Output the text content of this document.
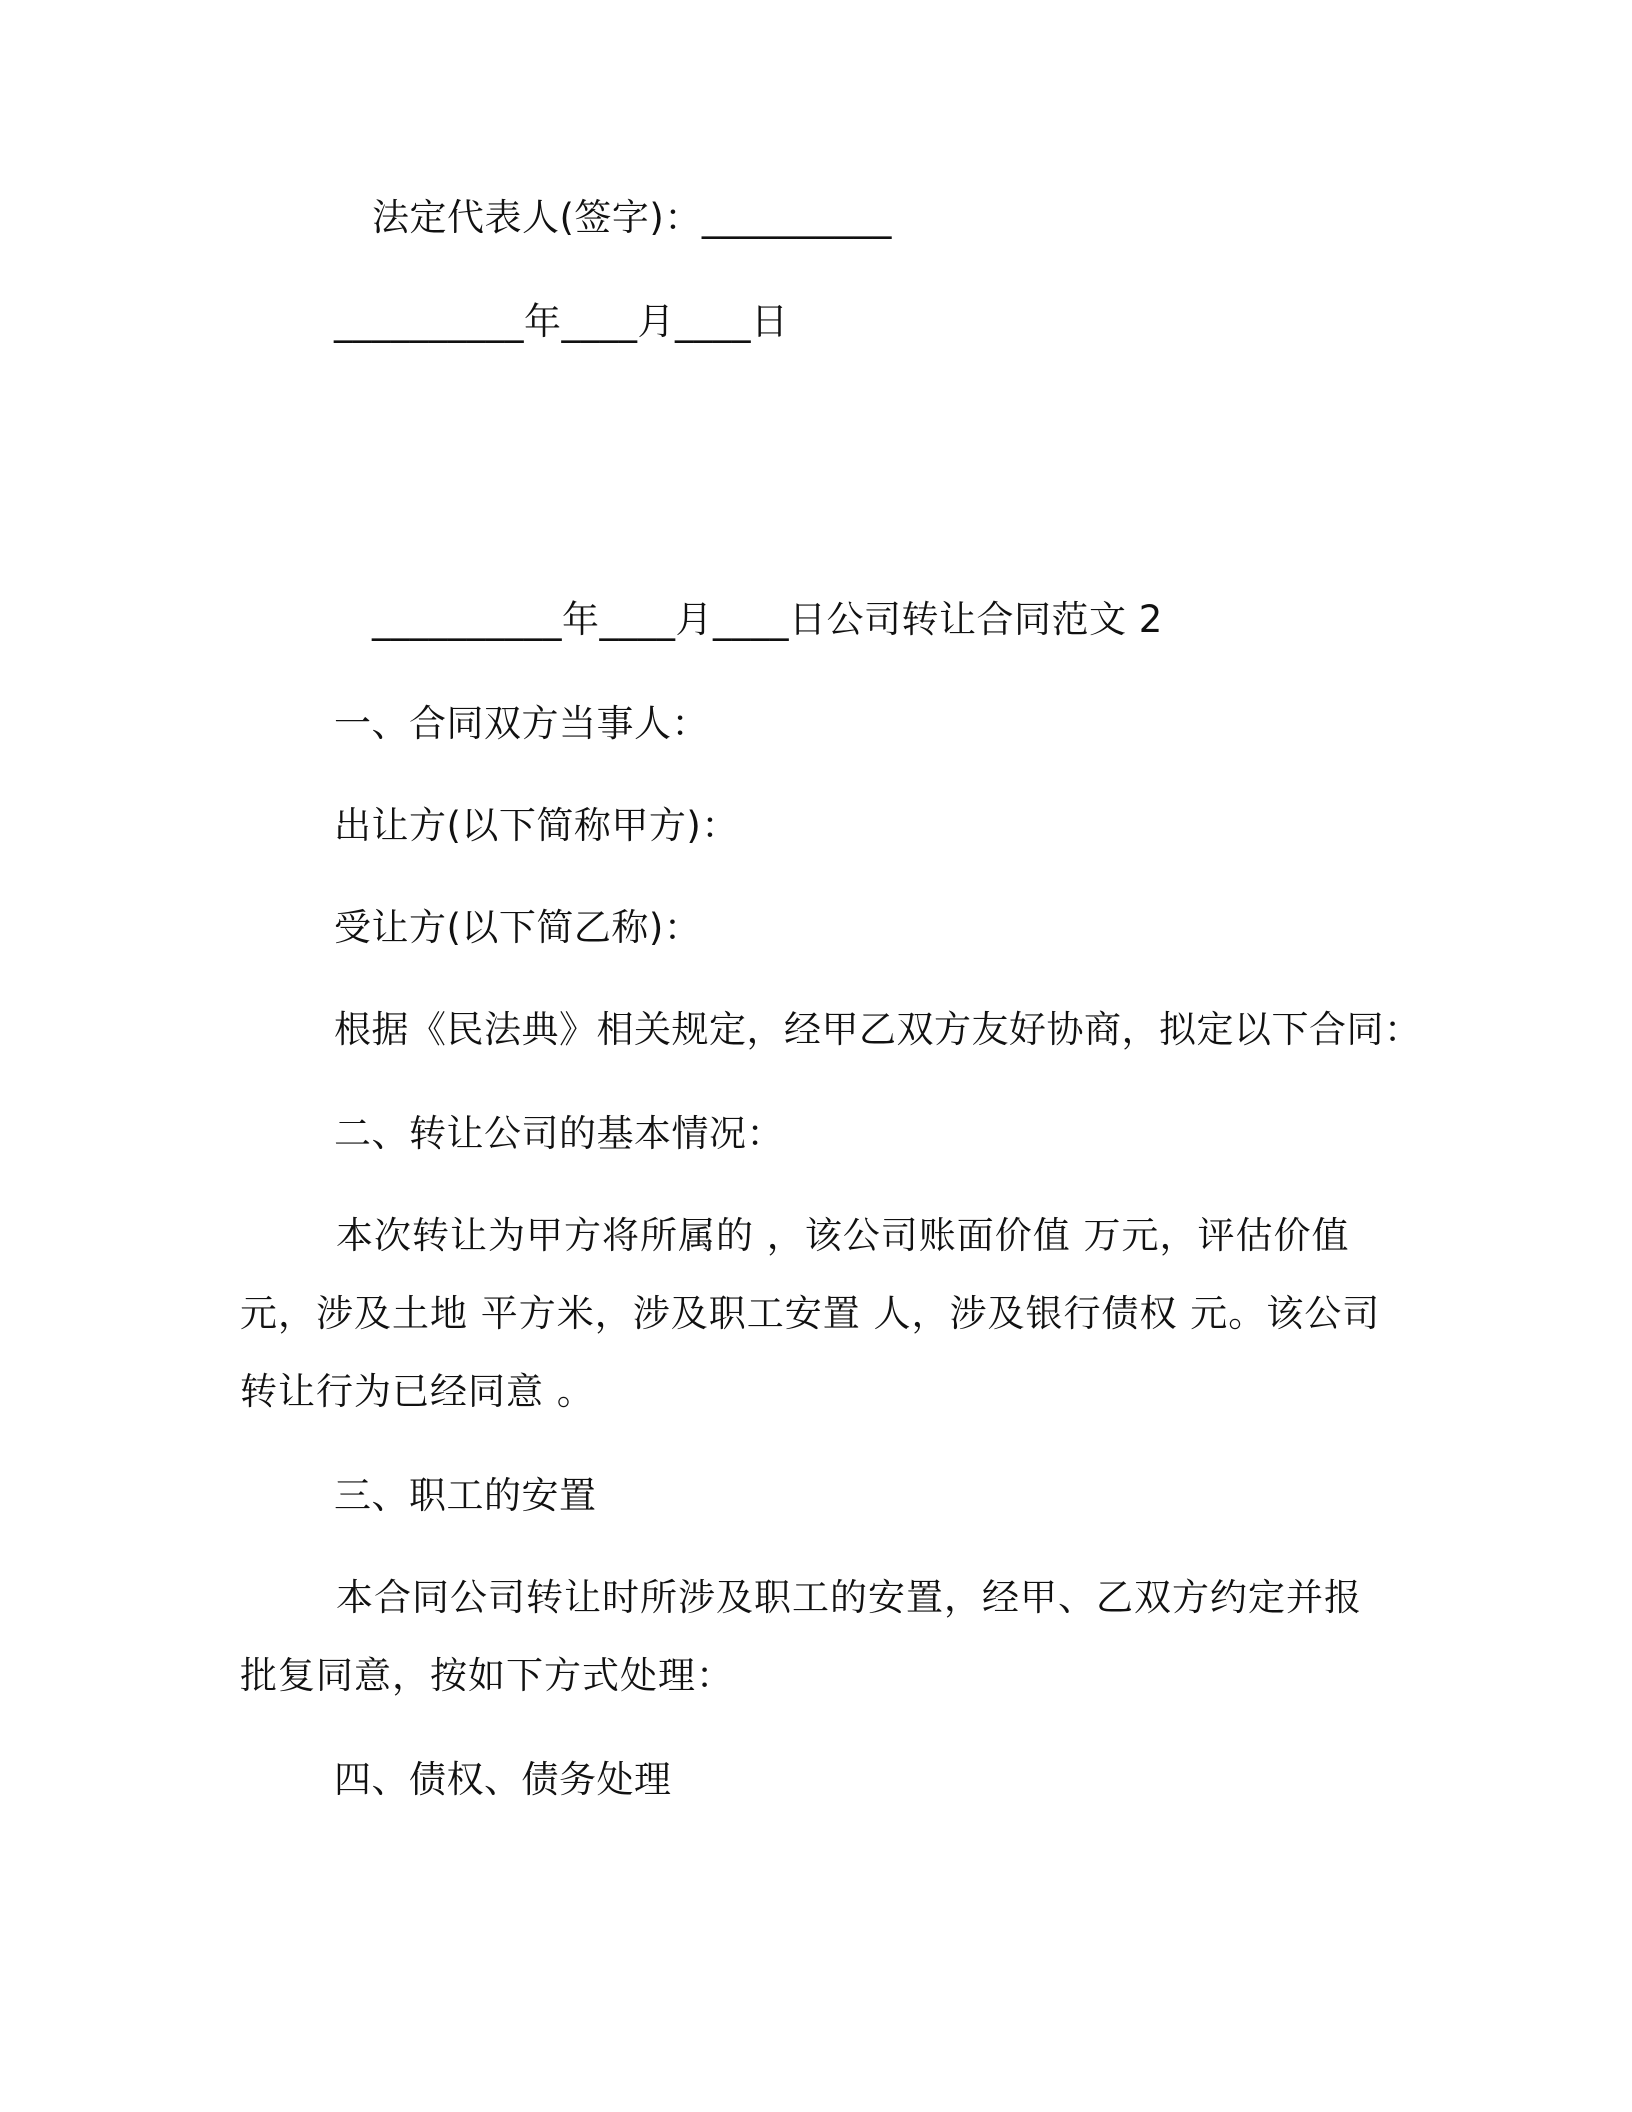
法定代表人(签字)：__________
__________年____月____日
__________年____月____日公司转让合同范文 2
一、合同双方当事人：
出让方(以下简称甲方)：
受让方(以下简乙称)：
根据《民法典》相关规定，经甲乙双方友好协商，拟定以下合同：
二、转让公司的基本情况：
本次转让为甲方将所属的 ，该公司账面价值 万元，评估价值 元，涉及土地 平方米，涉及职工安置 人，涉及银行债权 元。该公司转让行为已经同意 。
三、职工的安置
本合同公司转让时所涉及职工的安置，经甲、乙双方约定并报批复同意，按如下方式处理：
四、债权、债务处理
